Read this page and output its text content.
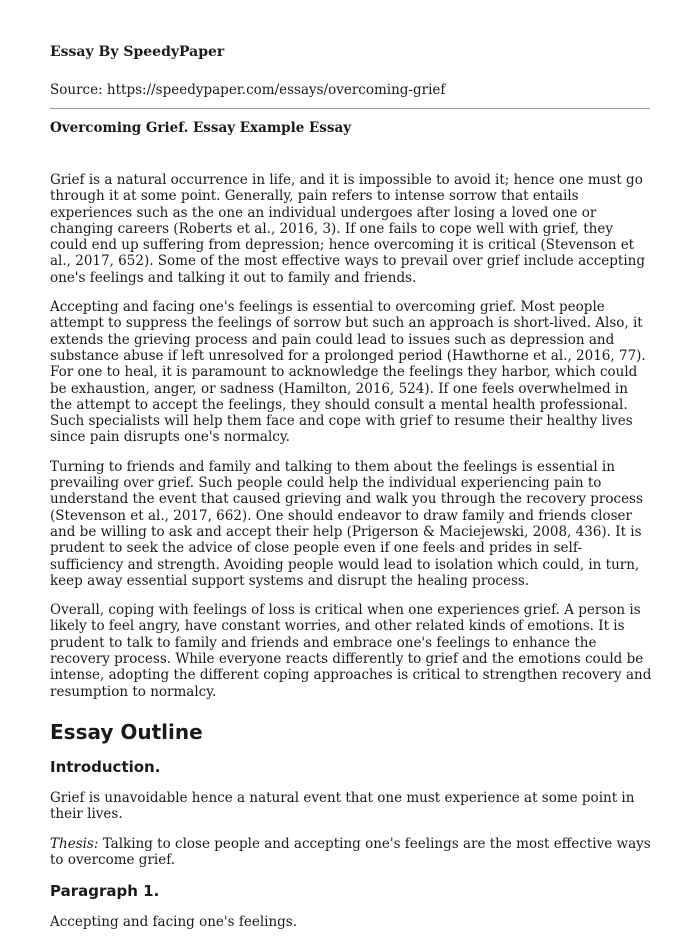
Essay By SpeedyPaper

Source: https://speedypaper.com/essays/overcoming-grief

Overcoming Grief. Essay Example Essay

Grief is a natural occurrence in life, and it is impossible to avoid it; hence one must go through it at some point. Generally, pain refers to intense sorrow that entails experiences such as the one an individual undergoes after losing a loved one or changing careers (Roberts et al., 2016, 3). If one fails to cope well with grief, they could end up suffering from depression; hence overcoming it is critical (Stevenson et al., 2017, 652). Some of the most effective ways to prevail over grief include accepting one's feelings and talking it out to family and friends.

Accepting and facing one's feelings is essential to overcoming grief. Most people attempt to suppress the feelings of sorrow but such an approach is short-lived. Also, it extends the grieving process and pain could lead to issues such as depression and substance abuse if left unresolved for a prolonged period (Hawthorne et al., 2016, 77). For one to heal, it is paramount to acknowledge the feelings they harbor, which could be exhaustion, anger, or sadness (Hamilton, 2016, 524). If one feels overwhelmed in the attempt to accept the feelings, they should consult a mental health professional. Such specialists will help them face and cope with grief to resume their healthy lives since pain disrupts one's normalcy.

Turning to friends and family and talking to them about the feelings is essential in prevailing over grief. Such people could help the individual experiencing pain to understand the event that caused grieving and walk you through the recovery process (Stevenson et al., 2017, 662). One should endeavor to draw family and friends closer and be willing to ask and accept their help (Prigerson & Maciejewski, 2008, 436). It is prudent to seek the advice of close people even if one feels and prides in self-sufficiency and strength. Avoiding people would lead to isolation which could, in turn, keep away essential support systems and disrupt the healing process.

Overall, coping with feelings of loss is critical when one experiences grief. A person is likely to feel angry, have constant worries, and other related kinds of emotions. It is prudent to talk to family and friends and embrace one's feelings to enhance the recovery process. While everyone reacts differently to grief and the emotions could be intense, adopting the different coping approaches is critical to strengthen recovery and resumption to normalcy.

Essay Outline
Introduction.

Grief is unavoidable hence a natural event that one must experience at some point in their lives.

Thesis: Talking to close people and accepting one's feelings are the most effective ways to overcome grief.

Paragraph 1.

Accepting and facing one's feelings.
